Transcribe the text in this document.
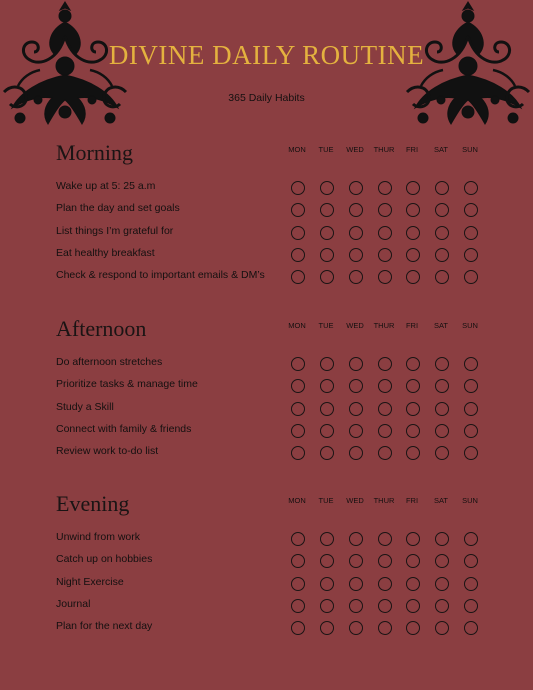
DIVINE DAILY ROUTINE

365 Daily Habits

Morning	MON	TUE	WED	THUR	FRI	SAT	SUN
Wake up at 5: 25 a.m
Plan the day and set goals
List things I’m grateful for
Eat healthy breakfast
Check & respond to important emails & DM’s
Afternoon	MON	TUE	WED	THUR	FRI	SAT	SUN
Do afternoon stretches
Prioritize tasks & manage time
Study a Skill
Connect with family & friends
Review work to-do list
Evening	MON	TUE	WED	THUR	FRI	SAT	SUN
Unwind from work
Catch up on hobbies
Night Exercise
Journal
Plan for the next day
